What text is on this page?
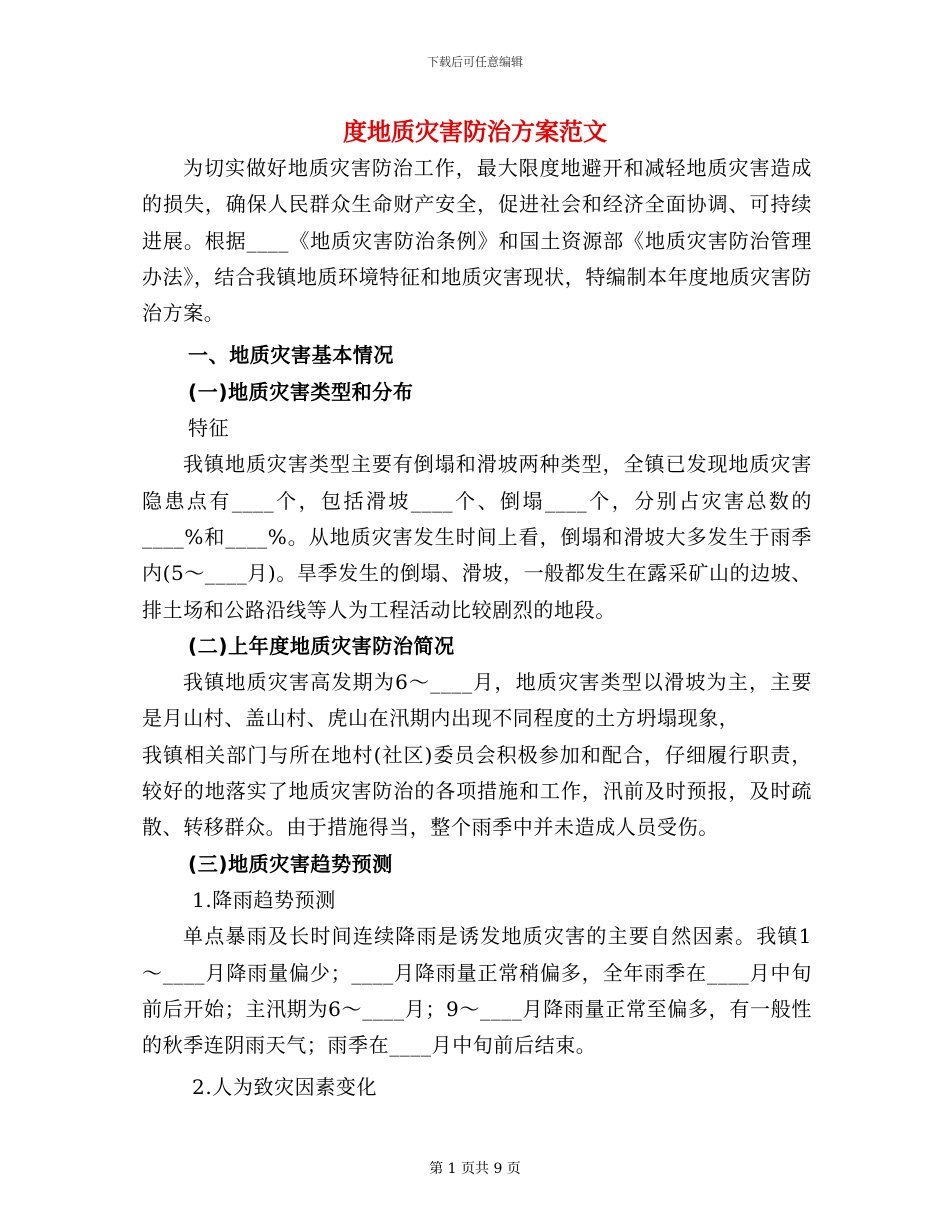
下载后可任意编辑
度地质灾害防治方案范文

为切实做好地质灾害防治工作，最大限度地避开和减轻地质灾害造成的损失，确保人民群众生命财产安全，促进社会和经济全面协调、可持续进展。根据____《地质灾害防治条例》和国土资源部《地质灾害防治管理办法》，结合我镇地质环境特征和地质灾害现状，特编制本年度地质灾害防治方案。

一、地质灾害基本情况

(一)地质灾害类型和分布

特征

我镇地质灾害类型主要有倒塌和滑坡两种类型，全镇已发现地质灾害隐患点有____个，包括滑坡____个、倒塌____个，分别占灾害总数的____%和____%。从地质灾害发生时间上看，倒塌和滑坡大多发生于雨季内(5～____月)。旱季发生的倒塌、滑坡，一般都发生在露采矿山的边坡、排土场和公路沿线等人为工程活动比较剧烈的地段。

(二)上年度地质灾害防治简况

我镇地质灾害高发期为6～____月，地质灾害类型以滑坡为主，主要是月山村、盖山村、虎山在汛期内出现不同程度的土方坍塌现象，

我镇相关部门与所在地村(社区)委员会积极参加和配合，仔细履行职责，较好的地落实了地质灾害防治的各项措施和工作，汛前及时预报，及时疏散、转移群众。由于措施得当，整个雨季中并未造成人员受伤。

(三)地质灾害趋势预测

1.降雨趋势预测

单点暴雨及长时间连续降雨是诱发地质灾害的主要自然因素。我镇1～____月降雨量偏少；____月降雨量正常稍偏多，全年雨季在____月中旬前后开始；主汛期为6～____月；9～____月降雨量正常至偏多，有一般性的秋季连阴雨天气；雨季在____月中旬前后结束。

2.人为致灾因素变化

第 1 页共 9 页
